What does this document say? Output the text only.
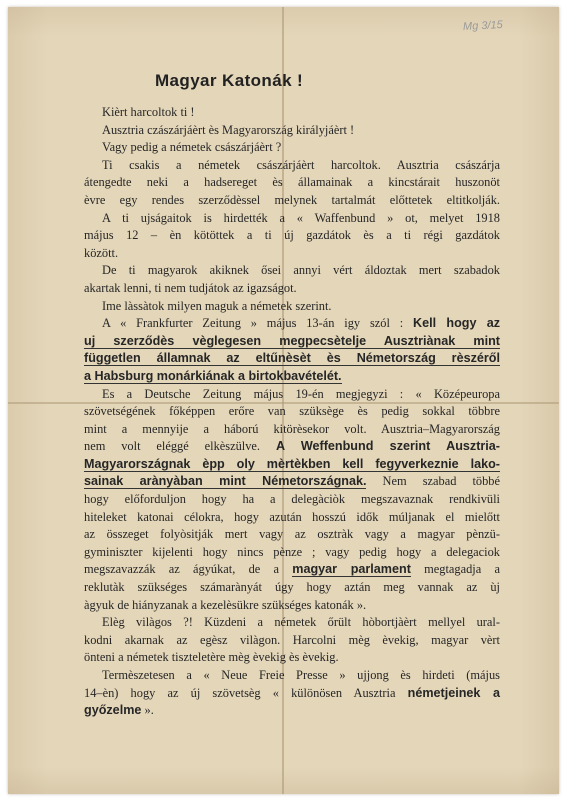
Mg 3/15
Magyar Katonák !
Kièrt harcoltok ti !
Ausztria czászárjáèrt ès Magyarország királyjáèrt !
Vagy pedig a németek császárjáèrt ?
Ti csakis a németek császárjáèrt harcoltok. Ausztria császárja
átengedte neki a hadsereget ès államainak a kincstárait huszonöt
èvre egy rendes szerződèssel melynek tartalmát előttetek eltitkolják.
A ti ujságaitok is hirdették a « Waffenbund » ot, melyet 1918
május 12 – èn kötöttek a ti új gazdátok ès a ti régi gazdátok
között.
De ti magyarok akiknek ősei annyi vért áldoztak mert szabadok
akartak lenni, ti nem tudjátok az igazságot.
Ime làssàtok milyen maguk a németek szerint.
A « Frankfurter Zeitung » május 13-án igy szól : Kell hogy az
uj szerződès vèglegesen megpecsètelje Ausztriànak mint
független államnak az eltűnèsèt ès Németország rèszéről
a Habsburg monárkiának a birtokbavételét.
Es a Deutsche Zeitung május 19-én megjegyzi : « Középeuropa
szövetségének főképpen erőre van szüksège ès pedig sokkal többre
mint a mennyije a háború kitörèsekor volt. Ausztria–Magyarország
nem volt eléggé elkèszülve. A Weffenbund szerint Ausztria-
Magyarországnak èpp oly mèrtèkben kell fegyverkeznie lako-
sainak arànyàban mint Németországnak. Nem szabad többé
hogy előforduljon hogy ha a delegàciòk megszavaznak rendkivüli
hiteleket katonai célokra, hogy azután hosszú idők múljanak el mielőtt
az összeget folyòsitják mert vagy az osztràk vagy a magyar pènzü-
gyminiszter kijelenti hogy nincs pènze ; vagy pedig hogy a delegaciok
megszavazzák az ágyúkat, de a magyar parlament megtagadja a
reklutàk szükséges számarànyát úgy hogy aztán meg vannak az ùj
àgyuk de hiányzanak a kezelèsükre szükséges katonák ».
Elèg vilàgos ?! Küzdeni a németek őrült hòbortjàèrt mellyel ural-
kodni akarnak az egèsz vilàgon. Harcolni mèg èvekig, magyar vèrt
önteni a németek tiszteletère mèg èvekig ès èvekig.
Termèszetesen a « Neue Freie Presse » ujjong ès hirdeti (május
14–èn) hogy az új szövetsèg « különösen Ausztria németjeinek a
győzelme ».
